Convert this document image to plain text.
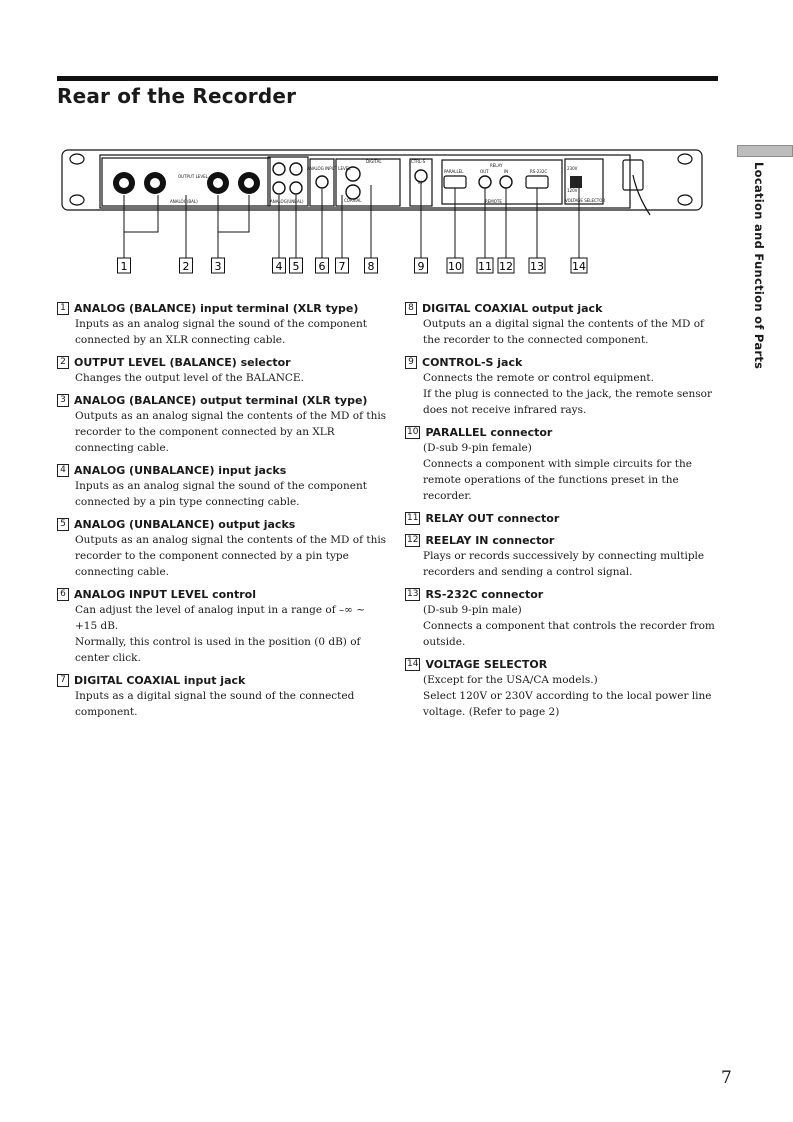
Rear of the Recorder
Location and Function of Parts
OUTPUT LEVEL
ANALOG(BAL)	ANALOG(UNBAL)
ANALOG INPUT LEVEL
DIGITAL
COAXIAL
CTRL-S
IN
PARALLEL
RELAY
OUT	IN	RS-232C
REMOTE
230V
120V
VOLTAGE SELECTOR
1	2 3	4 5 6 7 8	9 10 11 12 13	14
1 ANALOG (BALANCE) input terminal (XLR type)

Inputs as an analog signal the sound of the component connected by an XLR connecting cable.

2 OUTPUT LEVEL (BALANCE) selector

Changes the output level of the BALANCE.

3 ANALOG (BALANCE) output terminal (XLR type)

Outputs as an analog signal the contents of the MD of this recorder to the component connected by an XLR connecting cable.

4 ANALOG (UNBALANCE) input jacks

Inputs as an analog signal the sound of the component connected by a pin type connecting cable.

5 ANALOG (UNBALANCE) output jacks

Outputs as an analog signal the contents of the MD of this recorder to the component connected by a pin type connecting cable.

6 ANALOG INPUT LEVEL control

Can adjust the level of analog input in a range of –∞ ~ +15 dB.

Normally, this control is used in the position (0 dB) of center click.

7 DIGITAL COAXIAL input jack

Inputs as a digital signal the sound of the connected component.

8 DIGITAL COAXIAL output jack

Outputs an a digital signal the contents of the MD of the recorder to the connected component.

9 CONTROL-S jack

Connects the remote or control equipment.

If the plug is connected to the jack, the remote sensor does not receive infrared rays.

10 PARALLEL connector

(D-sub 9-pin female)

Connects a component with simple circuits for the remote operations of the functions preset in the recorder.

11 RELAY OUT connector
12 REELAY IN connector

Plays or records successively by connecting multiple recorders and sending a control signal.

13 RS-232C connector

(D-sub 9-pin male)

Connects a component that controls the recorder from outside.

14 VOLTAGE SELECTOR

(Except for the USA/CA models.)

Select 120V or 230V according to the local power line voltage. (Refer to page 2)

7
